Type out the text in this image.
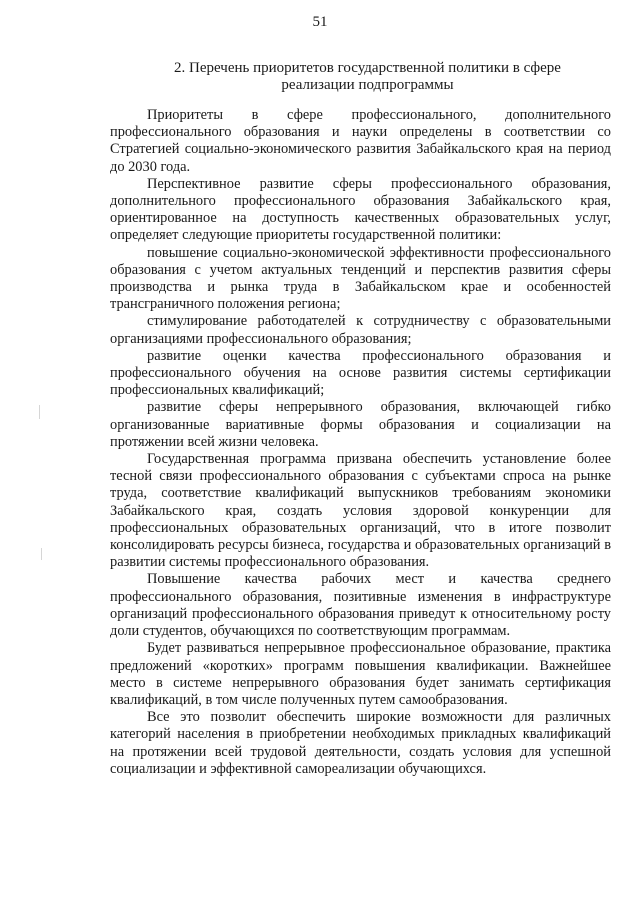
51
2. Перечень приоритетов государственной политики в сфере
реализации подпрограммы

Приоритеты в сфере профессионального, дополнительного профессионального образования и науки определены в соответствии со Стратегией социально-экономического развития Забайкальского края на период до 2030 года.

Перспективное развитие сферы профессионального образования, дополнительного профессионального образования Забайкальского края, ориентированное на доступность качественных образовательных услуг, определяет следующие приоритеты государственной политики:

повышение социально-экономической эффективности профессионального образования с учетом актуальных тенденций и перспектив развития сферы производства и рынка труда в Забайкальском крае и особенностей трансграничного положения региона;

стимулирование работодателей к сотрудничеству с образовательными организациями профессионального образования;

развитие оценки качества профессионального образования и профессионального обучения на основе развития системы сертификации профессиональных квалификаций;

развитие сферы непрерывного образования, включающей гибко организованные вариативные формы образования и социализации на протяжении всей жизни человека.

Государственная программа призвана обеспечить установление более тесной связи профессионального образования с субъектами спроса на рынке труда, соответствие квалификаций выпускников требованиям экономики Забайкальского края, создать условия здоровой конкуренции для профессиональных образовательных организаций, что в итоге позволит консолидировать ресурсы бизнеса, государства и образовательных организаций в развитии системы профессионального образования.

Повышение качества рабочих мест и качества среднего профессионального образования, позитивные изменения в инфраструктуре организаций профессионального образования приведут к относительному росту доли студентов, обучающихся по соответствующим программам.

Будет развиваться непрерывное профессиональное образование, практика предложений «коротких» программ повышения квалификации. Важнейшее место в системе непрерывного образования будет занимать сертификация квалификаций, в том числе полученных путем самообразования.

Все это позволит обеспечить широкие возможности для различных категорий населения в приобретении необходимых прикладных квалификаций на протяжении всей трудовой деятельности, создать условия для успешной социализации и эффективной самореализации обучающихся.
